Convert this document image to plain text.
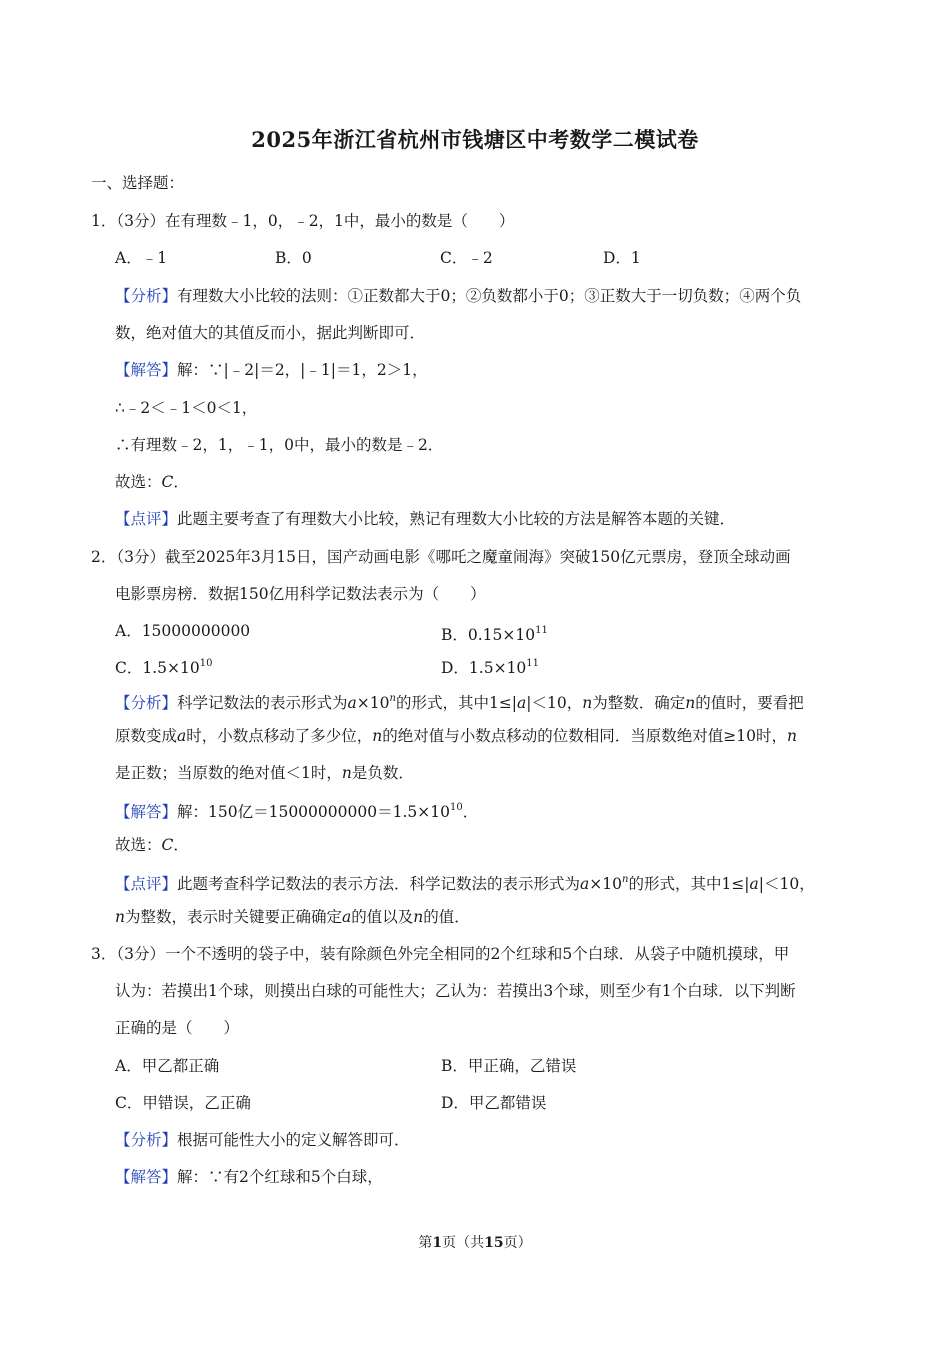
2025年浙江省杭州市钱塘区中考数学二模试卷
一、选择题：
1．（3分）在有理数﹣1，0，﹣2，1中，最小的数是（　　）
A．﹣1	B．0	C．﹣2	D．1
【分析】有理数大小比较的法则：①正数都大于0；②负数都小于0；③正数大于一切负数；④两个负
数，绝对值大的其值反而小，据此判断即可．
【解答】解：∵|﹣2|＝2，|﹣1|＝1，2＞1，
∴﹣2＜﹣1＜0＜1，
∴有理数﹣2，1，﹣1，0中，最小的数是﹣2．
故选：C．
【点评】此题主要考查了有理数大小比较，熟记有理数大小比较的方法是解答本题的关键．
2．（3分）截至2025年3月15日，国产动画电影《哪吒之魔童闹海》突破150亿元票房，登顶全球动画
电影票房榜．数据150亿用科学记数法表示为（　　）
A．15000000000	B．$0.15\times 10^{11}$
C．$1.5\times 10^{10}$	D．$1.5\times 10^{11}$
【分析】科学记数法的表示形式为$a\times 10^n$的形式，其中1≤|a|＜10，n为整数．确定n的值时，要看把
原数变成a时，小数点移动了多少位，n的绝对值与小数点移动的位数相同．当原数绝对值≥10时，n
是正数；当原数的绝对值＜1时，n是负数．
【解答】解：150亿$=15000000000=1.5\times 10^{10}$．
故选：C．
【点评】此题考查科学记数法的表示方法．科学记数法的表示形式为$a\times 10^n$的形式，其中1≤|a|＜10，
n为整数，表示时关键要正确确定a的值以及n的值．
3．（3分）一个不透明的袋子中，装有除颜色外完全相同的2个红球和5个白球．从袋子中随机摸球，甲
认为：若摸出1个球，则摸出白球的可能性大；乙认为：若摸出3个球，则至少有1个白球．以下判断
正确的是（　　）
A．甲乙都正确	B．甲正确，乙错误
C．甲错误，乙正确	D．甲乙都错误
【分析】根据可能性大小的定义解答即可．
【解答】解：∵有2个红球和5个白球，
第1页（共15页）
